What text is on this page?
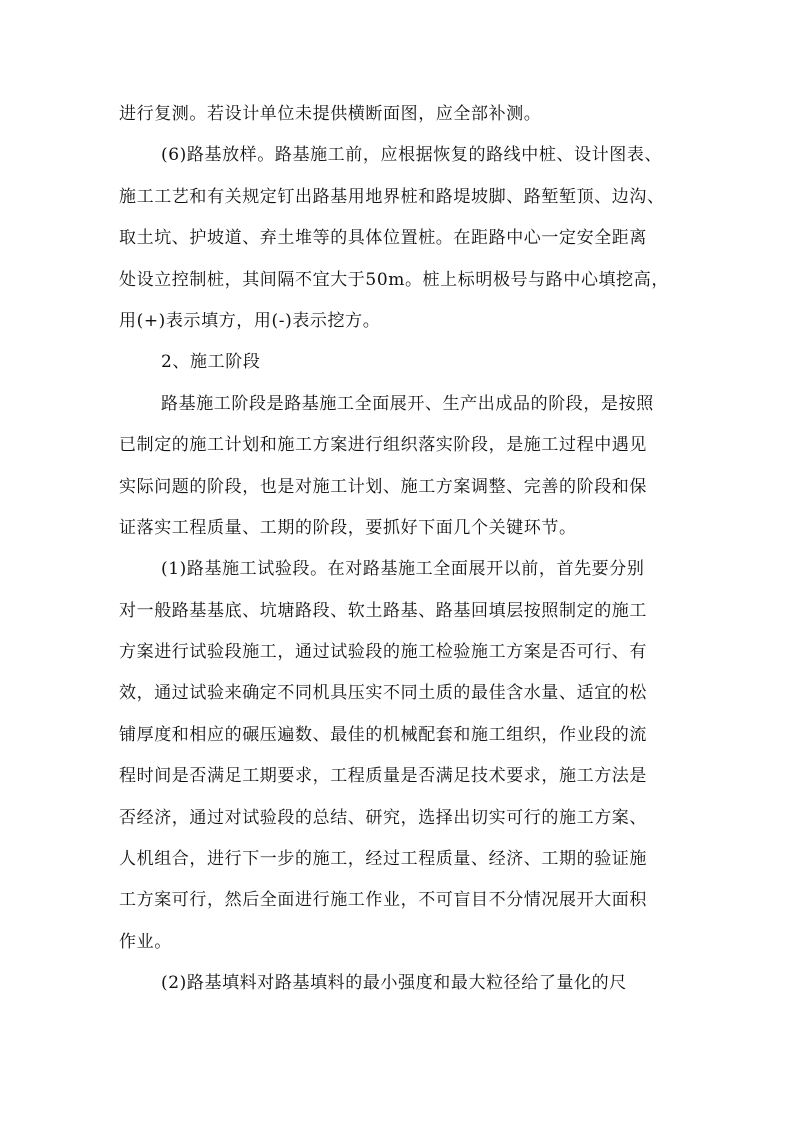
进行复测。若设计单位未提供横断面图，应全部补测。
(6)路基放样。路基施工前，应根据恢复的路线中桩、设计图表、
施工工艺和有关规定钉出路基用地界桩和路堤坡脚、路堑堑顶、边沟、
取土坑、护坡道、弃土堆等的具体位置桩。在距路中心一定安全距离
处设立控制桩，其间隔不宜大于50m。桩上标明极号与路中心填挖高，
用(+)表示填方，用(-)表示挖方。
2、施工阶段
路基施工阶段是路基施工全面展开、生产出成品的阶段，是按照
已制定的施工计划和施工方案进行组织落实阶段，是施工过程中遇见
实际问题的阶段，也是对施工计划、施工方案调整、完善的阶段和保
证落实工程质量、工期的阶段，要抓好下面几个关键环节。
(1)路基施工试验段。在对路基施工全面展开以前，首先要分别
对一般路基基底、坑塘路段、软土路基、路基回填层按照制定的施工
方案进行试验段施工，通过试验段的施工检验施工方案是否可行、有
效，通过试验来确定不同机具压实不同土质的最佳含水量、适宜的松
铺厚度和相应的碾压遍数、最佳的机械配套和施工组织，作业段的流
程时间是否满足工期要求，工程质量是否满足技术要求，施工方法是
否经济，通过对试验段的总结、研究，选择出切实可行的施工方案、
人机组合，进行下一步的施工，经过工程质量、经济、工期的验证施
工方案可行，然后全面进行施工作业，不可盲目不分情况展开大面积
作业。
(2)路基填料对路基填料的最小强度和最大粒径给了量化的尺
